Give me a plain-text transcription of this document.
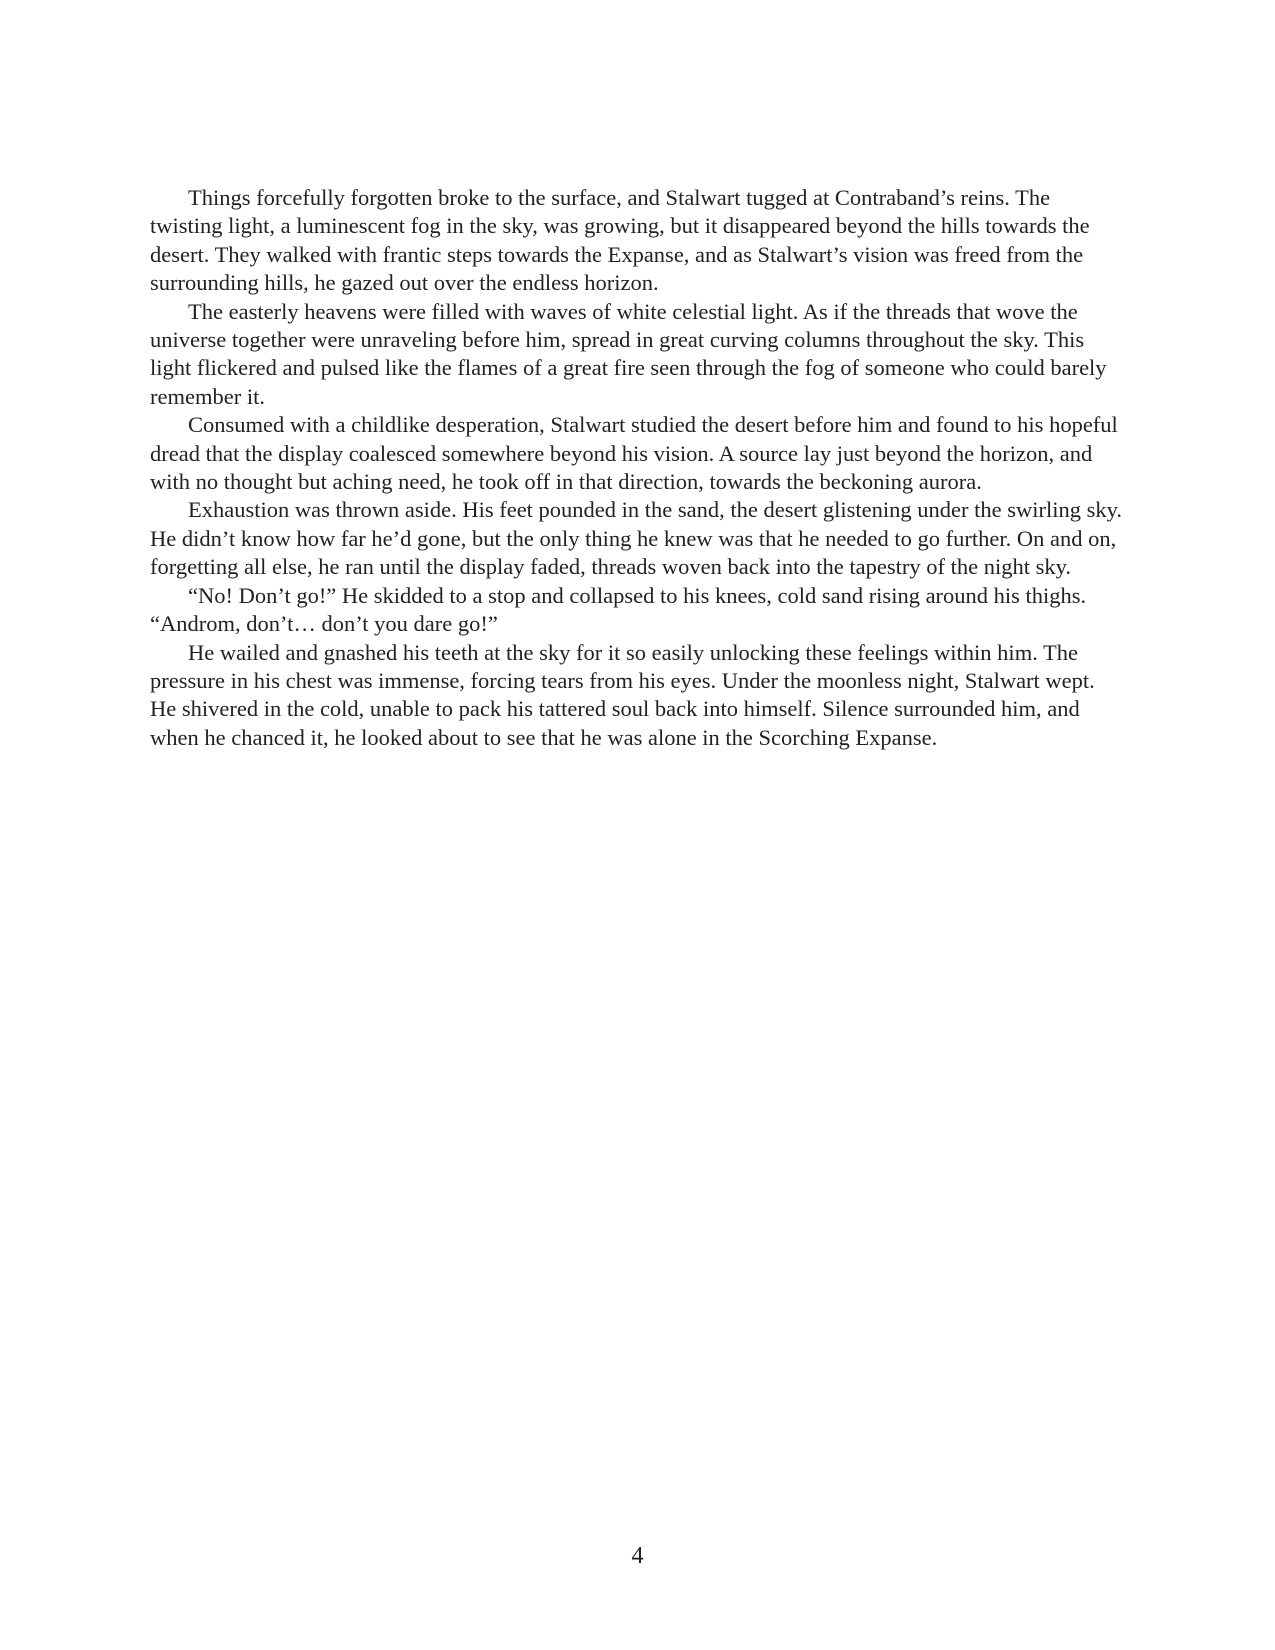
Things forcefully forgotten broke to the surface, and Stalwart tugged at Contraband’s reins. The twisting light, a luminescent fog in the sky, was growing, but it disappeared beyond the hills towards the desert. They walked with frantic steps towards the Expanse, and as Stalwart’s vision was freed from the surrounding hills, he gazed out over the endless horizon.

The easterly heavens were filled with waves of white celestial light. As if the threads that wove the universe together were unraveling before him, spread in great curving columns throughout the sky. This light flickered and pulsed like the flames of a great fire seen through the fog of someone who could barely remember it.

Consumed with a childlike desperation, Stalwart studied the desert before him and found to his hopeful dread that the display coalesced somewhere beyond his vision. A source lay just beyond the horizon, and with no thought but aching need, he took off in that direction, towards the beckoning aurora.

Exhaustion was thrown aside. His feet pounded in the sand, the desert glistening under the swirling sky. He didn’t know how far he’d gone, but the only thing he knew was that he needed to go further. On and on, forgetting all else, he ran until the display faded, threads woven back into the tapestry of the night sky.

“No! Don’t go!” He skidded to a stop and collapsed to his knees, cold sand rising around his thighs. “Androm, don’t… don’t you dare go!”

He wailed and gnashed his teeth at the sky for it so easily unlocking these feelings within him. The pressure in his chest was immense, forcing tears from his eyes. Under the moonless night, Stalwart wept. He shivered in the cold, unable to pack his tattered soul back into himself. Silence surrounded him, and when he chanced it, he looked about to see that he was alone in the Scorching Expanse.

4
